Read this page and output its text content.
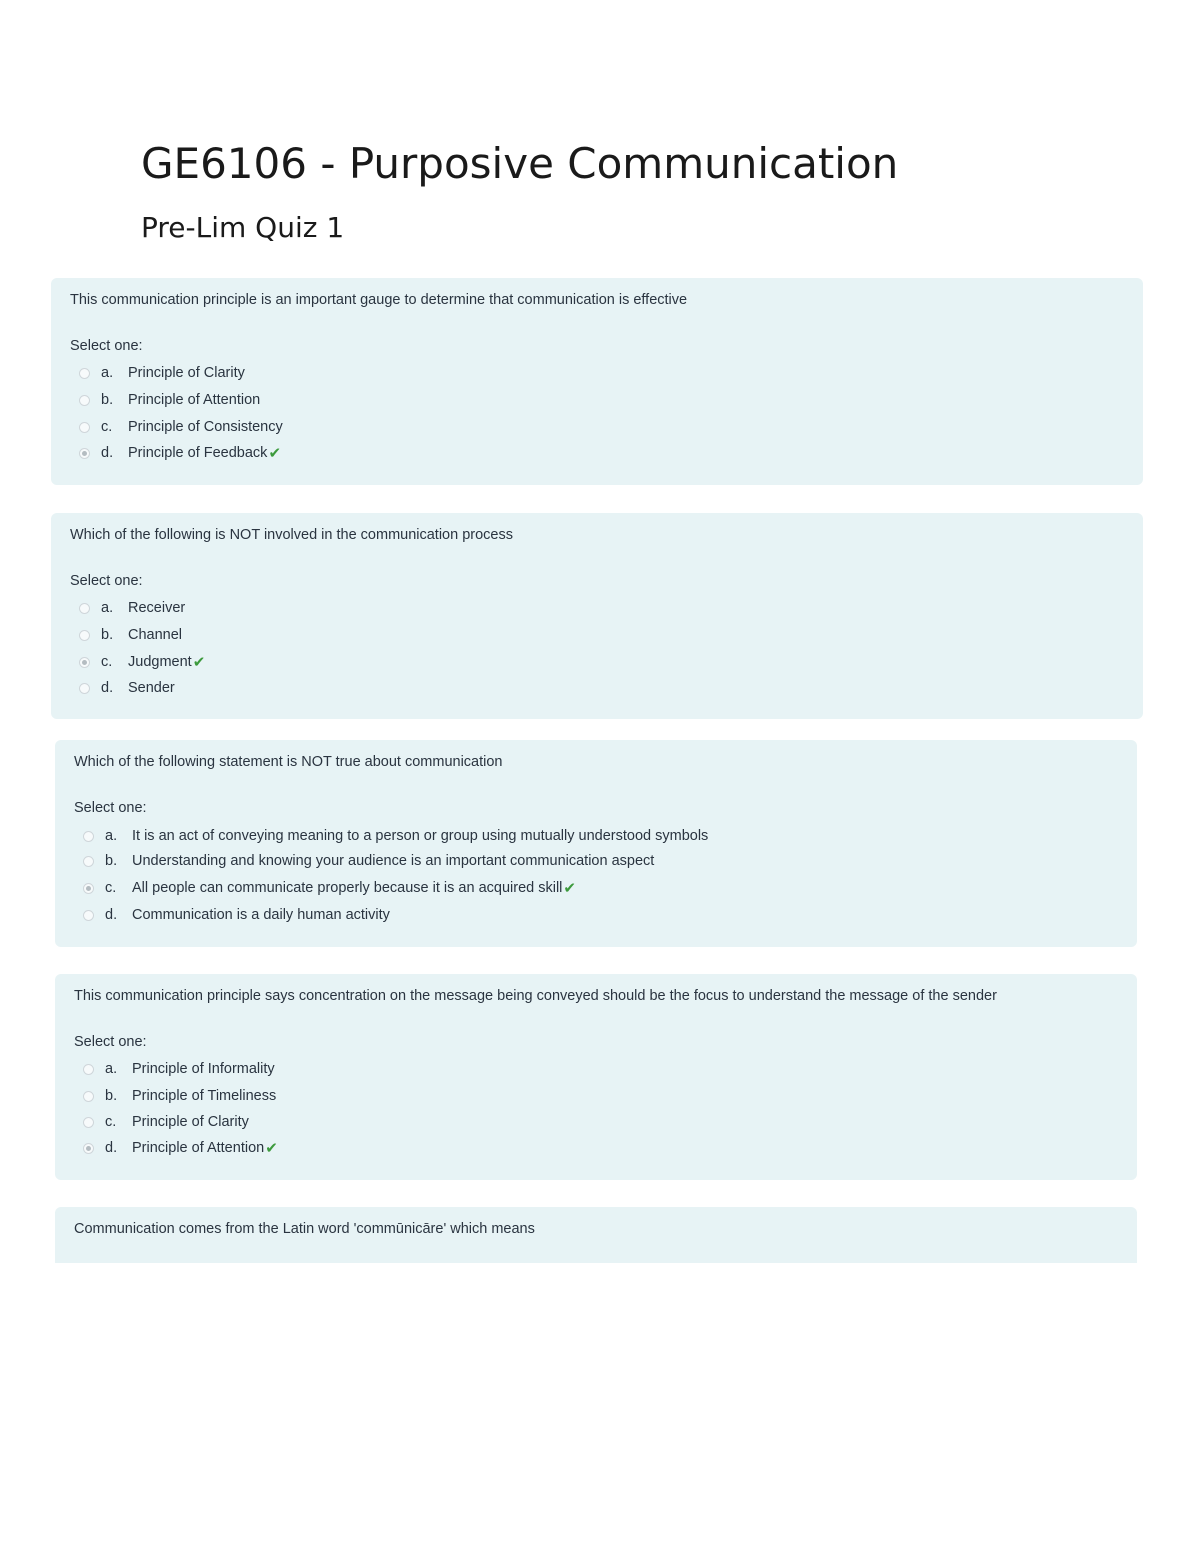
GE6106 - Purposive Communication
Pre-Lim Quiz 1
This communication principle is an important gauge to determine that communication is effective
Select one:
a.	Principle of Clarity
b.	Principle of Attention
c.	Principle of Consistency
d.	Principle of Feedback ✔
Which of the following is NOT involved in the communication process
Select one:
a.	Receiver
b.	Channel
c.	Judgment ✔
d.	Sender
Which of the following statement is NOT true about communication
Select one:
a.	It is an act of conveying meaning to a person or group using mutually understood symbols
b.	Understanding and knowing your audience is an important communication aspect
c.	All people can communicate properly because it is an acquired skill ✔
d.	Communication is a daily human activity
This communication principle says concentration on the message being conveyed should be the focus to understand the message of the sender
Select one:
a.	Principle of Informality
b.	Principle of Timeliness
c.	Principle of Clarity
d.	Principle of Attention ✔
Communication comes from the Latin word 'commūnicāre' which means
